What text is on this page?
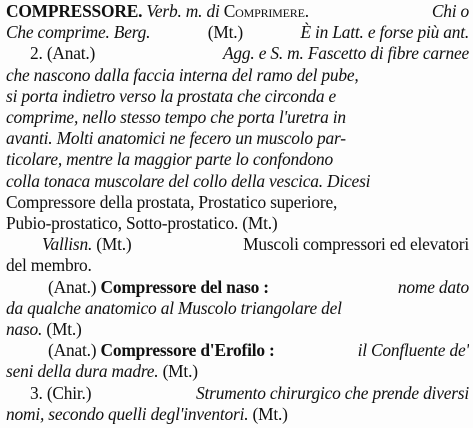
COMPRESSORE. Verb. m. di Comprimere.	Chi o
Che comprime. Berg.	(Mt.)	È in Latt. e forse più ant.
2. (Anat.)	Agg. e S. m. Fascetto di fibre carnee
che nascono dalla faccia interna del ramo del pube,
si porta indietro verso la prostata che circonda e
comprime, nello stesso tempo che porta l'uretra in
avanti. Molti anatomici ne fecero un muscolo par-
ticolare, mentre la maggior parte lo confondono
colla tonaca muscolare del collo della vescica. Dicesi
Compressore della prostata, Prostatico superiore,
Pubio-prostatico, Sotto-prostatico. (Mt.)
Vallisn. (Mt.)	Muscoli compressori ed elevatori
del membro.
(Anat.) Compressore del naso :	nome dato
da qualche anatomico al Muscolo triangolare del
naso. (Mt.)
(Anat.) Compressore d'Erofilo :	il Confluente de'
seni della dura madre. (Mt.)
3. (Chir.)	Strumento chirurgico che prende diversi
nomi, secondo quelli degl'inventori. (Mt.)
